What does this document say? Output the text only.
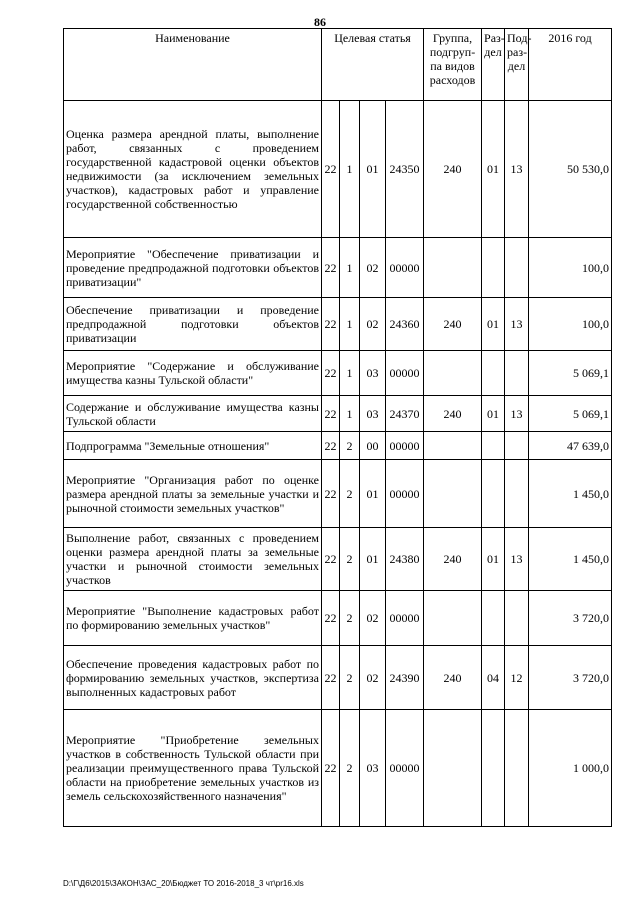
86
Наименование	Целевая статья				Группа, подгруп-па видов расходов	Раз-дел	Под-раз-дел	2016 год
Оценка размера арендной платы, выполнение работ, связанных с проведением государственной кадастровой оценки объектов недвижимости (за исключением земельных участков), кадастровых работ и управление государственной собственностью	22	1	01	24350	240	01	13	50 530,0
Мероприятие "Обеспечение приватизации и проведение предпродажной подготовки объектов приватизации"	22	1	02	00000				100,0
Обеспечение приватизации и проведение предпродажной подготовки объектов приватизации	22	1	02	24360	240	01	13	100,0
Мероприятие "Содержание и обслуживание имущества казны Тульской области"	22	1	03	00000				5 069,1
Содержание и обслуживание имущества казны Тульской области	22	1	03	24370	240	01	13	5 069,1
Подпрограмма "Земельные отношения"	22	2	00	00000				47 639,0
Мероприятие "Организация работ по оценке размера арендной платы за земельные участки и рыночной стоимости земельных участков"	22	2	01	00000				1 450,0
Выполнение работ, связанных с проведением оценки размера арендной платы за земельные участки и рыночной стоимости земельных участков	22	2	01	24380	240	01	13	1 450,0
Мероприятие "Выполнение кадастровых работ по формированию земельных участков"	22	2	02	00000				3 720,0
Обеспечение проведения кадастровых работ по формированию земельных участков, экспертиза выполненных кадастровых работ	22	2	02	24390	240	04	12	3 720,0
Мероприятие "Приобретение земельных участков в собственность Тульской области при реализации преимущественного права Тульской области на приобретение земельных участков из земель сельскохозяйственного назначения"	22	2	03	00000				1 000,0
D:\Г\Д6\2015\ЗАКОН\ЗАС_20\Бюджет ТО 2016-2018_3 чт\pr16.xls
